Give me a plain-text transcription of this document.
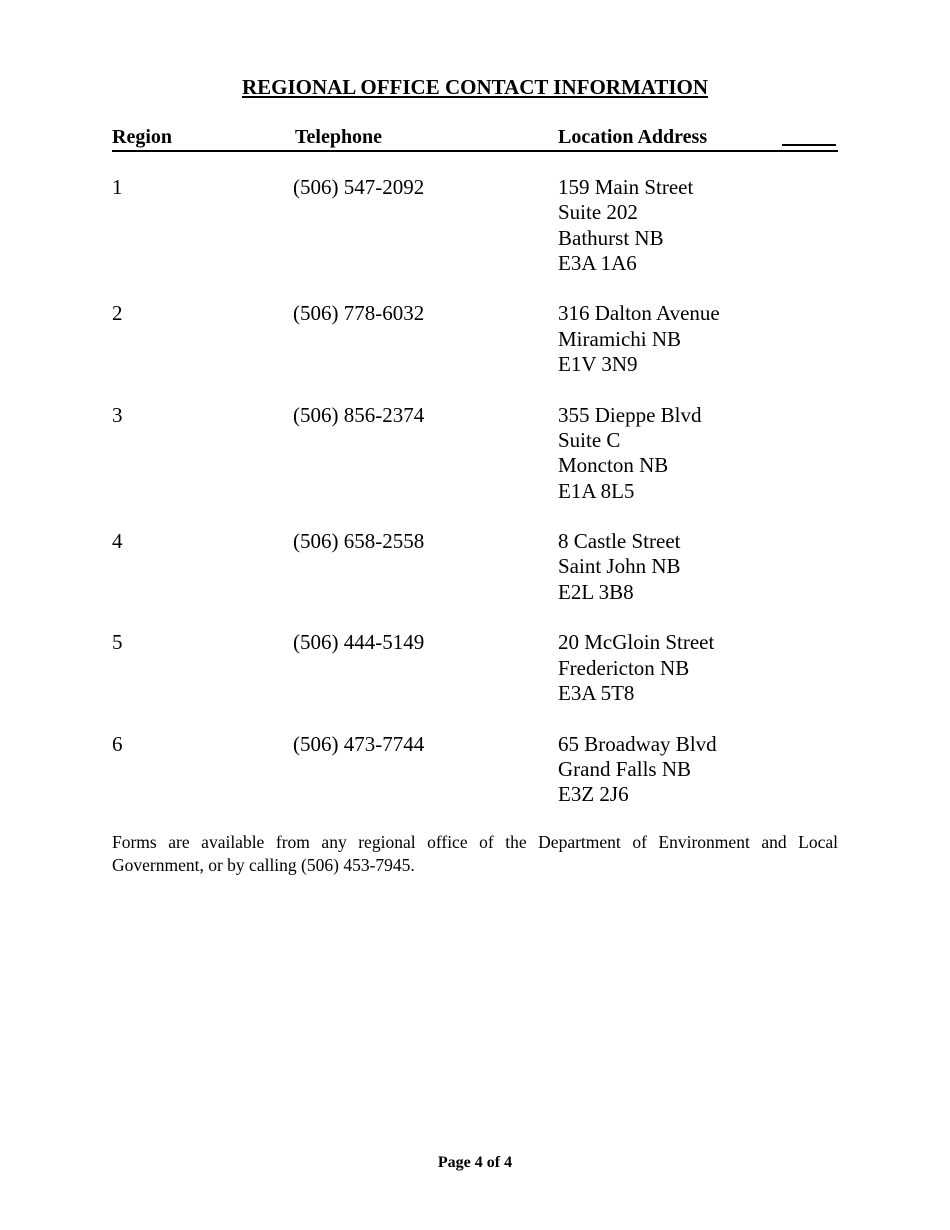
REGIONAL OFFICE CONTACT INFORMATION
Region	Telephone	Location Address
1	(506) 547-2092	159 Main Street
Suite 202
Bathurst NB
E3A 1A6
2	(506) 778-6032	316 Dalton Avenue
Miramichi NB
E1V 3N9
3	(506) 856-2374	355 Dieppe Blvd
Suite C
Moncton NB
E1A 8L5
4	(506) 658-2558	8 Castle Street
Saint John NB
E2L 3B8
5	(506) 444-5149	20 McGloin Street
Fredericton NB
E3A 5T8
6	(506) 473-7744	65 Broadway Blvd
Grand Falls NB
E3Z 2J6
Forms are available from any regional office of the Department of Environment and Local Government, or by calling (506) 453-7945.
Page 4 of 4
